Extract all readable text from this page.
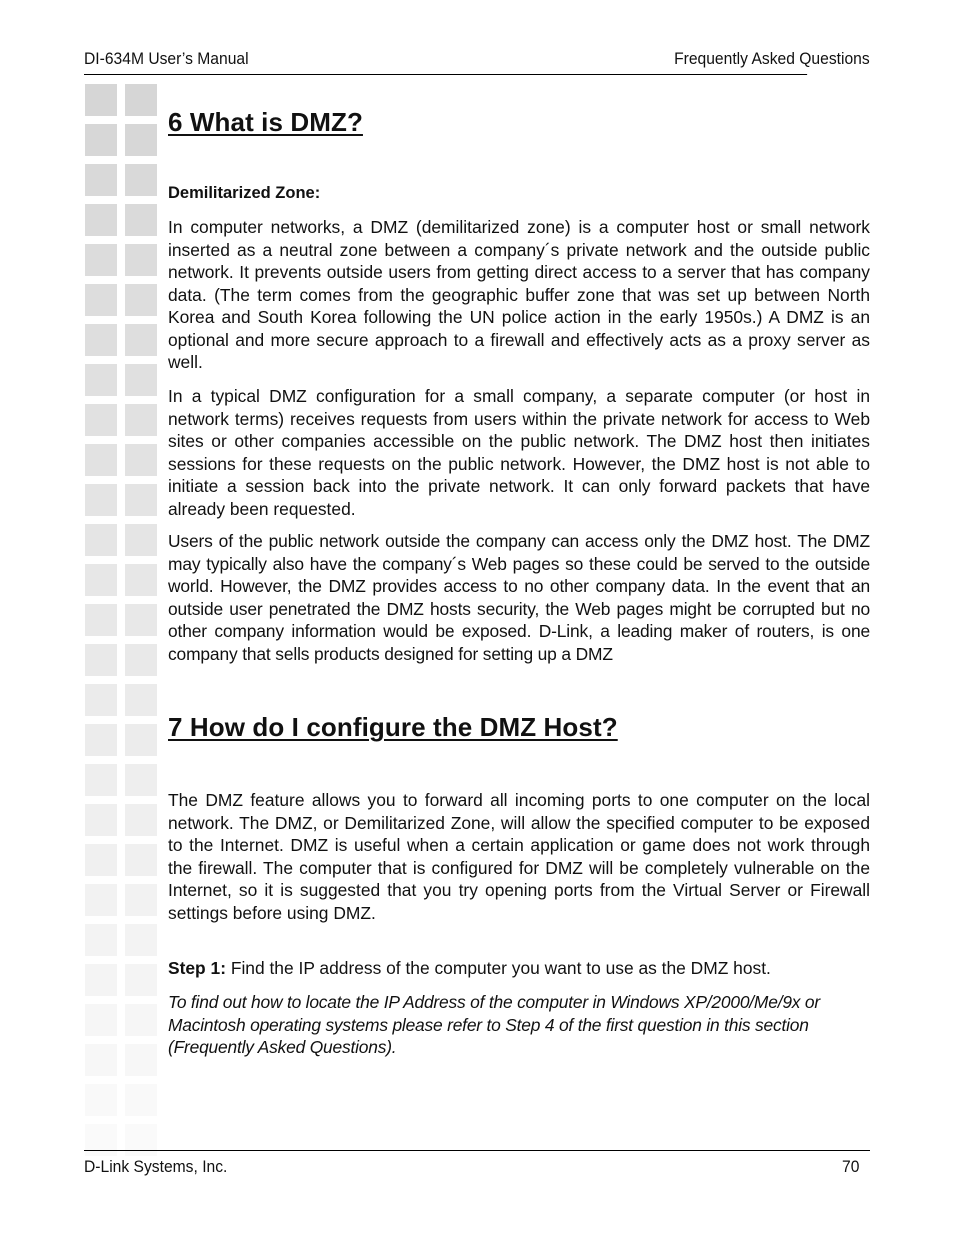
DI-634M User’s Manual	Frequently Asked Questions
6 What is DMZ?
Demilitarized Zone:

In computer networks, a DMZ (demilitarized zone) is a computer host or small network inserted as a neutral zone between a company´s private network and the outside public network. It prevents outside users from getting direct access to a server that has company data. (The term comes from the geographic buffer zone that was set up between North Korea and South Korea following the UN police action in the early 1950s.) A DMZ is an optional and more secure approach to a firewall and effectively acts as a proxy server as well.

In a typical DMZ configuration for a small company, a separate computer (or host in network terms) receives requests from users within the private network for access to Web sites or other companies accessible on the public network. The DMZ host then initiates sessions for these requests on the public network. However, the DMZ host is not able to initiate a session back into the private network. It can only forward packets that have already been requested.

Users of the public network outside the company can access only the DMZ host. The DMZ may typically also have the company´s Web pages so these could be served to the outside world. However, the DMZ provides access to no other company data. In the event that an outside user penetrated the DMZ hosts security, the Web pages might be corrupted but no other company information would be exposed. D-Link, a leading maker of routers, is one company that sells products designed for setting up a DMZ

7 How do I configure the DMZ Host?

The DMZ feature allows you to forward all incoming ports to one computer on the local network. The DMZ, or Demilitarized Zone, will allow the specified computer to be exposed to the Internet. DMZ is useful when a certain application or game does not work through the firewall. The computer that is configured for DMZ will be completely vulnerable on the Internet, so it is suggested that you try opening ports from the Virtual Server or Firewall settings before using DMZ.

Step 1: Find the IP address of the computer you want to use as the DMZ host.

To find out how to locate the IP Address of the computer in Windows XP/2000/Me/9x or Macintosh operating systems please refer to Step 4 of the first question in this section (Frequently Asked Questions).

D-Link Systems, Inc.	70
